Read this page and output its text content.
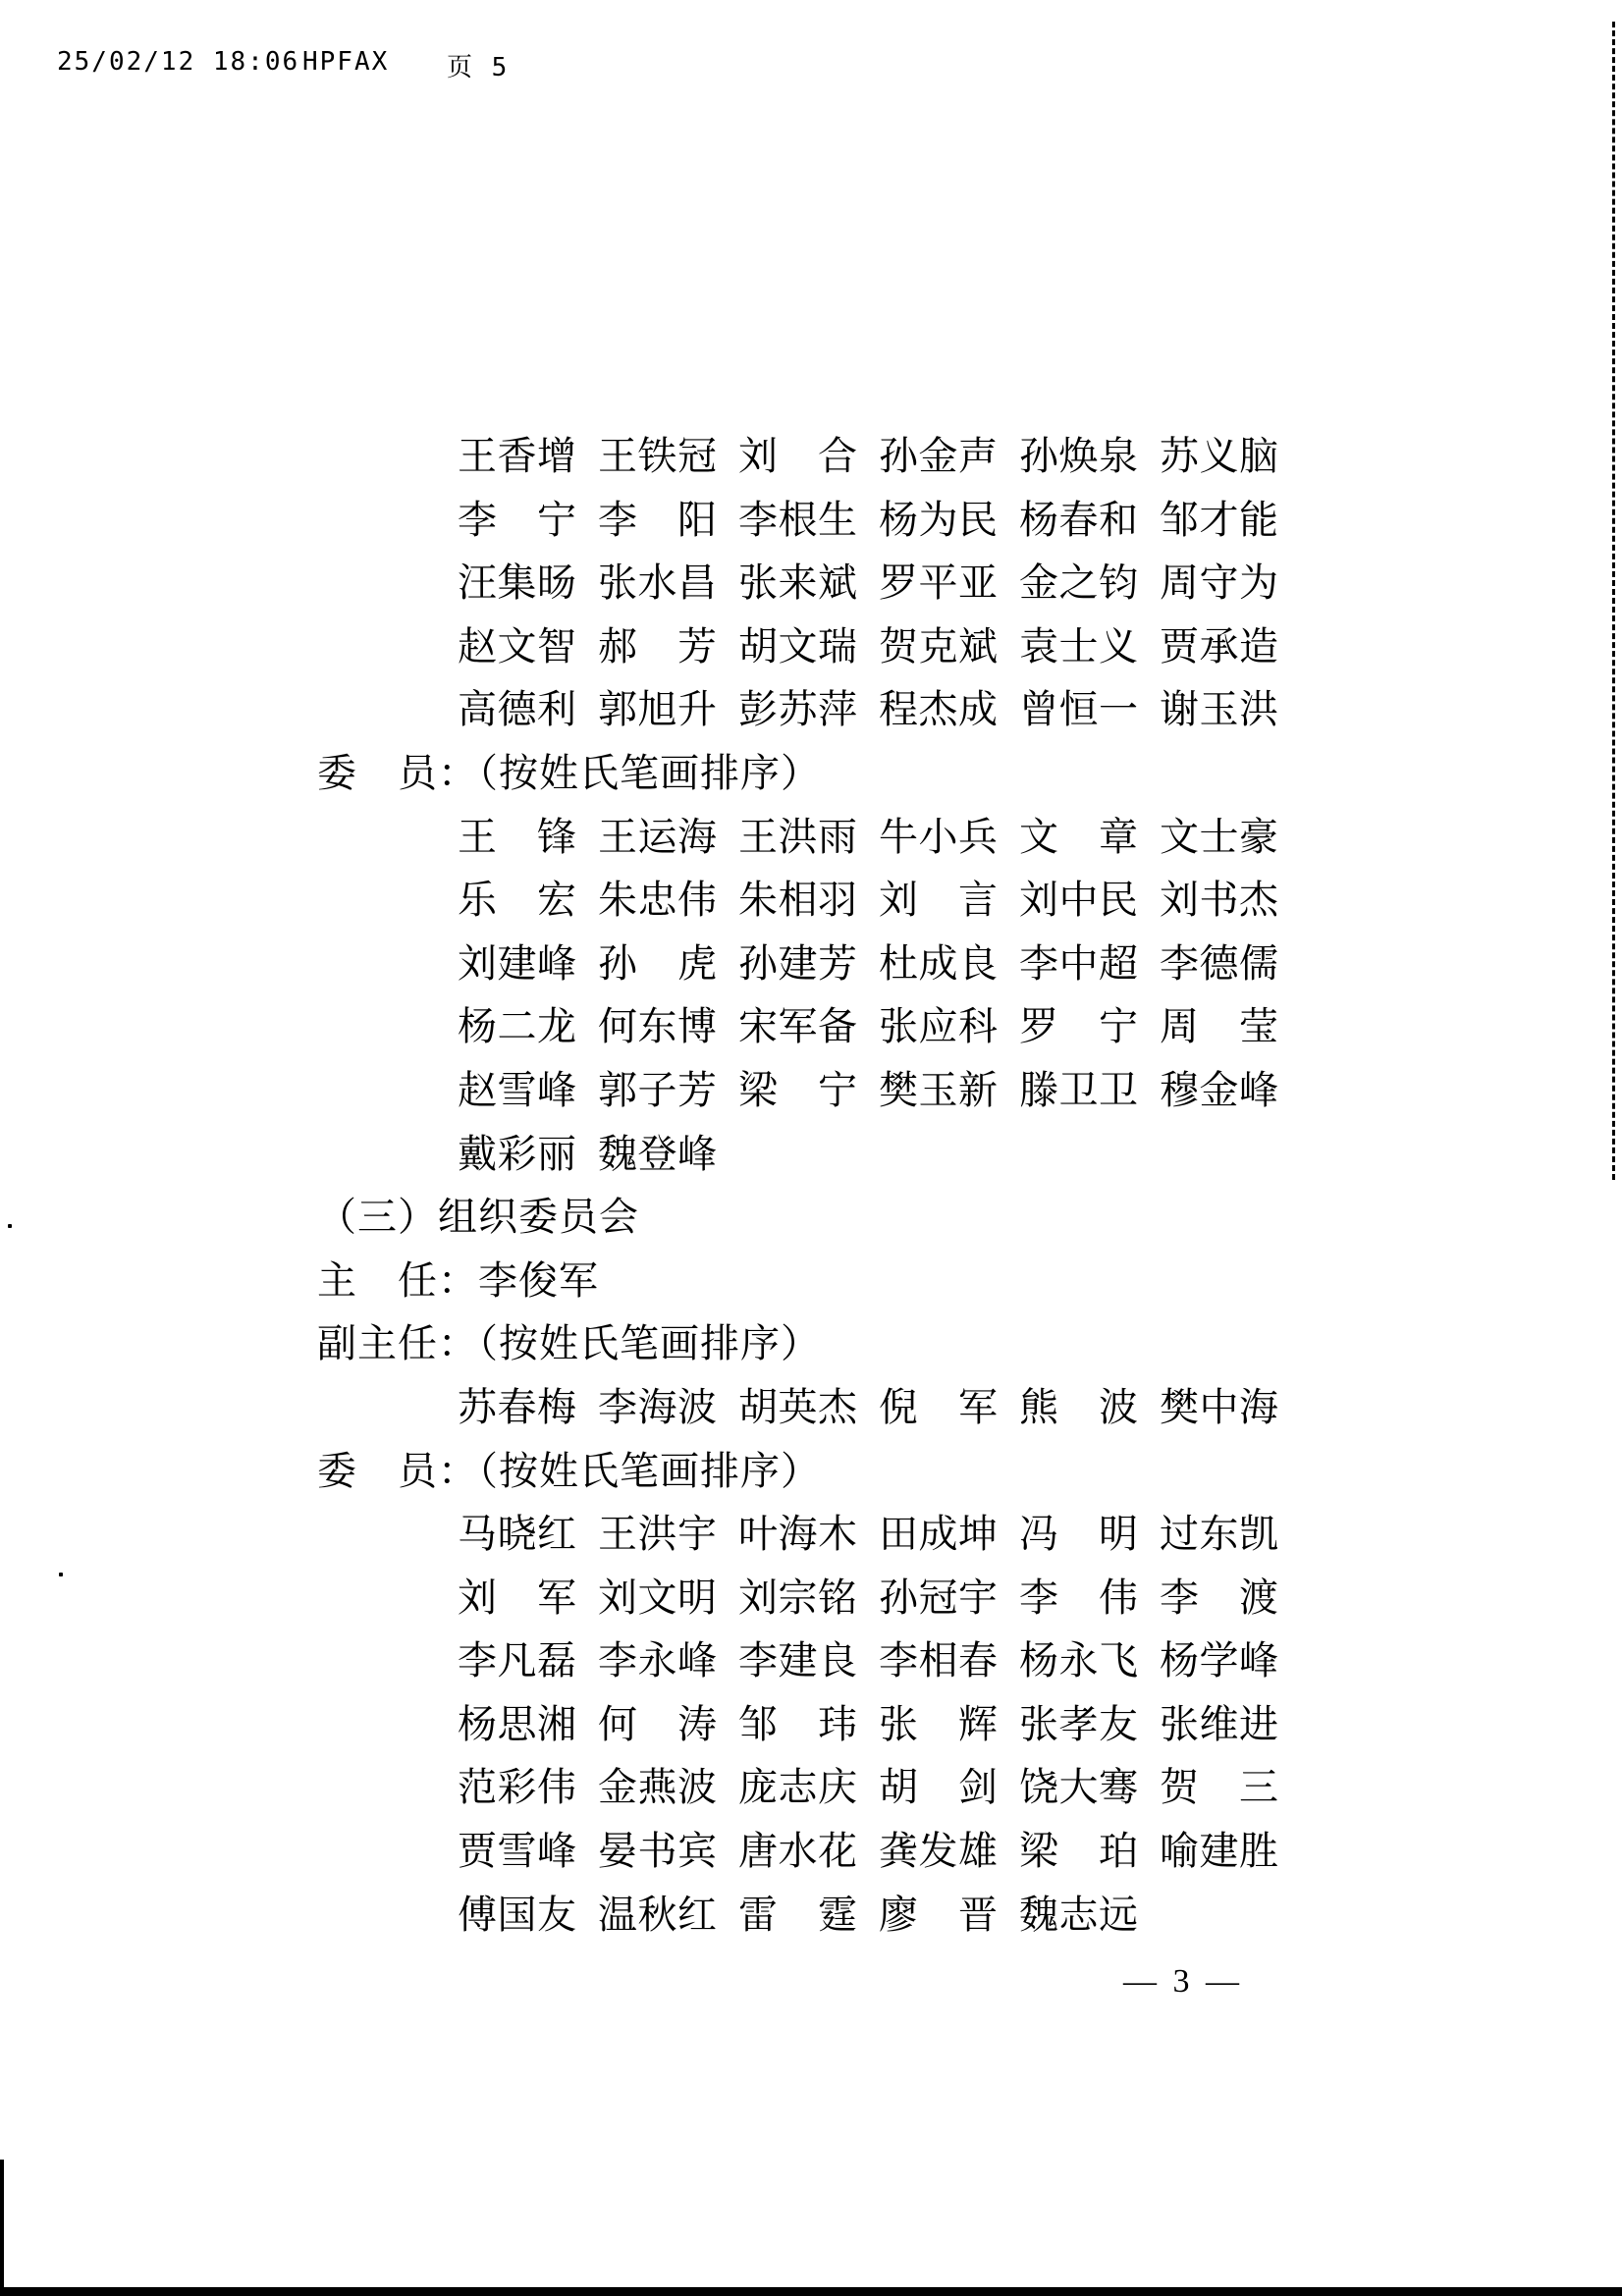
25/02/12 18:06 HPFAX	页 5
王香增 王铁冠 刘 合 孙金声 孙焕泉 苏义脑
李 宁 李 阳 李根生 杨为民 杨春和 邹才能
汪集旸 张水昌 张来斌 罗平亚 金之钧 周守为
赵文智 郝 芳 胡文瑞 贺克斌 袁士义 贾承造
高德利 郭旭升 彭苏萍 程杰成 曾恒一 谢玉洪
委　员：（按姓氏笔画排序）
王 锋 王运海 王洪雨 牛小兵 文 章 文士豪
乐 宏 朱忠伟 朱相羽 刘 言 刘中民 刘书杰
刘建峰 孙 虎 孙建芳 杜成良 李中超 李德儒
杨二龙 何东博 宋军备 张应科 罗 宁 周 莹
赵雪峰 郭子芳 梁 宁 樊玉新 滕卫卫 穆金峰
戴彩丽 魏登峰
（三）组织委员会
主　任：李俊军
副主任：（按姓氏笔画排序）
苏春梅 李海波 胡英杰 倪 军 熊 波 樊中海
委　员：（按姓氏笔画排序）
马晓红 王洪宇 叶海木 田成坤 冯 明 过东凯
刘 军 刘文明 刘宗铭 孙冠宇 李 伟 李 渡
李凡磊 李永峰 李建良 李相春 杨永飞 杨学峰
杨思湘 何 涛 邹 玮 张 辉 张孝友 张维进
范彩伟 金燕波 庞志庆 胡 剑 饶大骞 贺 三
贾雪峰 晏书宾 唐水花 龚发雄 梁 珀 喻建胜
傅国友 温秋红 雷 霆 廖 晋 魏志远
— 3 —
